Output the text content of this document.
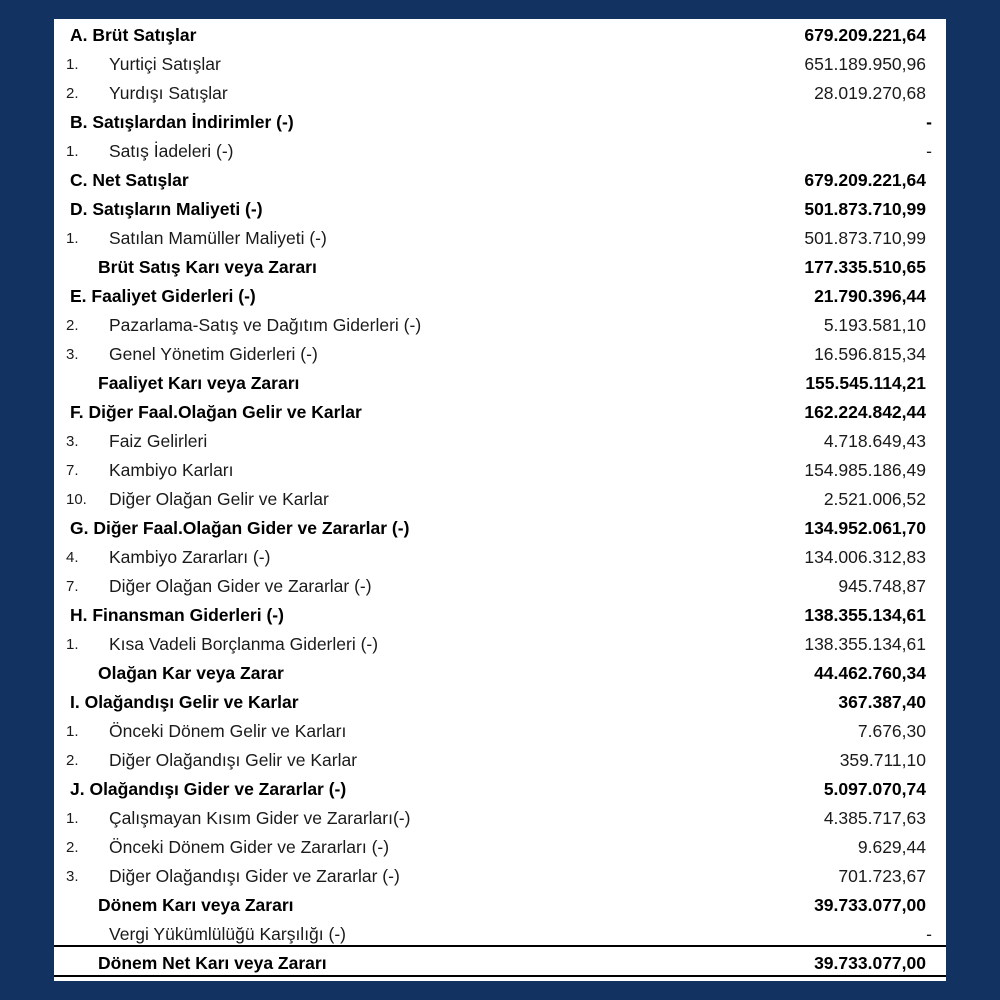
A. Brüt Satışlar	679.209.221,64
1.	Yurtiçi Satışlar	651.189.950,96
2.	Yurdışı Satışlar	28.019.270,68
B. Satışlardan İndirimler (-)	-
1.	Satış İadeleri (-)	-
C. Net Satışlar	679.209.221,64
D. Satışların Maliyeti (-)	501.873.710,99
1.	Satılan Mamüller Maliyeti (-)	501.873.710,99
Brüt Satış Karı veya Zararı	177.335.510,65
E. Faaliyet Giderleri (-)	21.790.396,44
2.	Pazarlama-Satış ve Dağıtım Giderleri (-)	5.193.581,10
3.	Genel Yönetim Giderleri (-)	16.596.815,34
Faaliyet Karı veya Zararı	155.545.114,21
F. Diğer Faal.Olağan Gelir ve Karlar	162.224.842,44
3.	Faiz Gelirleri	4.718.649,43
7.	Kambiyo Karları	154.985.186,49
10.	Diğer Olağan Gelir ve Karlar	2.521.006,52
G. Diğer Faal.Olağan Gider ve Zararlar (-)	134.952.061,70
4.	Kambiyo Zararları (-)	134.006.312,83
7.	Diğer Olağan Gider ve Zararlar (-)	945.748,87
H. Finansman Giderleri (-)	138.355.134,61
1.	Kısa Vadeli Borçlanma Giderleri (-)	138.355.134,61
Olağan Kar veya Zarar	44.462.760,34
I. Olağandışı Gelir ve Karlar	367.387,40
1.	Önceki Dönem Gelir ve Karları	7.676,30
2.	Diğer Olağandışı Gelir ve Karlar	359.711,10
J. Olağandışı Gider ve Zararlar (-)	5.097.070,74
1.	Çalışmayan Kısım Gider ve Zararları(-)	4.385.717,63
2.	Önceki Dönem Gider ve Zararları (-)	9.629,44
3.	Diğer Olağandışı Gider ve Zararlar (-)	701.723,67
Dönem Karı veya Zararı	39.733.077,00
Vergi Yükümlülüğü Karşılığı (-)	-
Dönem Net Karı veya Zararı	39.733.077,00
